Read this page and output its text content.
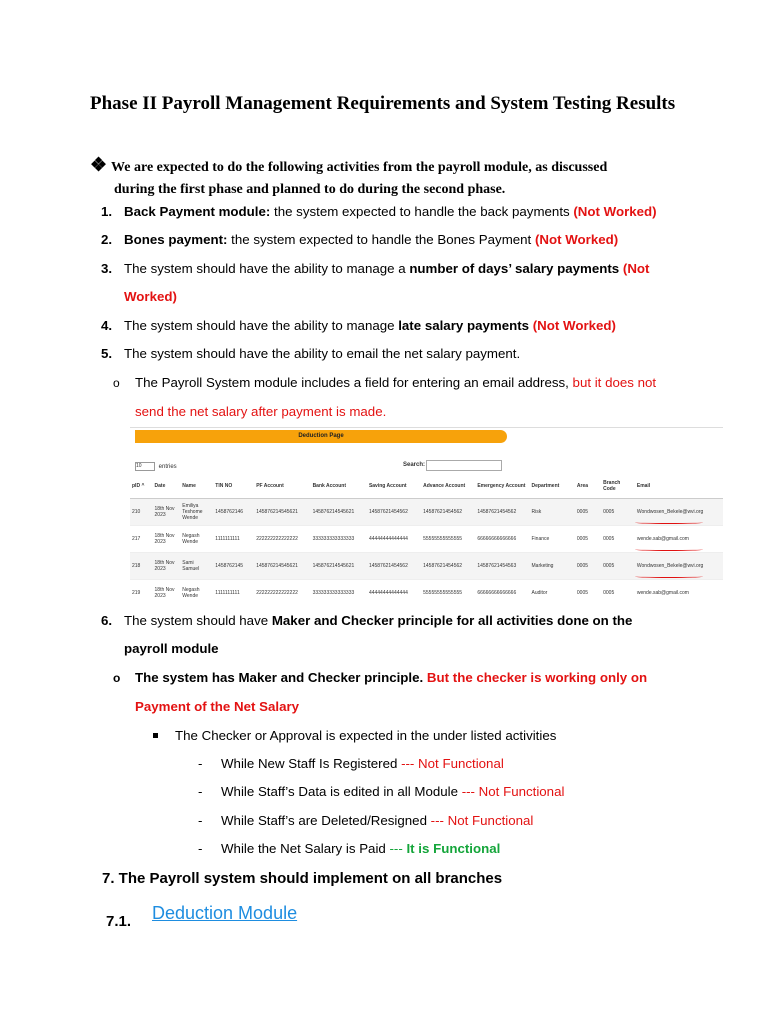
Phase II Payroll Management Requirements and System Testing Results
❖ We are expected to do the following activities from the payroll module, as discussed
during the first phase and planned to do during the second phase.
1. Back Payment module: the system expected to handle the back payments (Not Worked)
2. Bones payment: the system expected to handle the Bones Payment (Not Worked)
3. The system should have the ability to manage a number of days’ salary payments (Not
Worked)
4. The system should have the ability to manage late salary payments (Not Worked)
5. The system should have the ability to email the net salary payment.
o The Payroll System module includes a field for entering an email address, but it does not
send the net salary after payment is made.
Deduction Page
10	entries	Search:
pID ^	Date	Name	TIN NO	PF Account	Bank Account	Saving Account	Advance Account	Emergency Account	Department	Area	Branch Code	Email
210	18th Nov 2023	Emiliya Teshome Wende	1458762146	145876214545621	145876214545621	14587621454562	14587621454562	14587621454562	Risk	0005	0005	Wondwosen_Bekele@wvi.org

217	18th Nov 2023	Negash Wende	1111111111	222222222222222	333333333333333	44444444444444	55555555555555	66666666666666	Finance	0005	0005	wende.sab@gmail.com

218	18th Nov 2023	Sami Samuel	1458762145	145876214545621	145876214545621	14587621454562	14587621454562	14587621454563	Marketing	0005	0005	Wondwosen_Bekele@wvi.org

219	18th Nov 2023	Negash Wende	1111111111	222222222222222	333333333333333	44444444444444	55555555555555	66666666666666	Auditor	0005	0005	wende.sab@gmail.com
6. The system should have Maker and Checker principle for all activities done on the
payroll module
o The system has Maker and Checker principle. But the checker is working only on
Payment of the Net Salary
The Checker or Approval is expected in the under listed activities
- While New Staff Is Registered --- Not Functional
- While Staff’s Data is edited in all Module --- Not Functional
- While Staff’s are Deleted/Resigned --- Not Functional
- While the Net Salary is Paid --- It is Functional
7. The Payroll system should implement on all branches
7.1. Deduction Module
